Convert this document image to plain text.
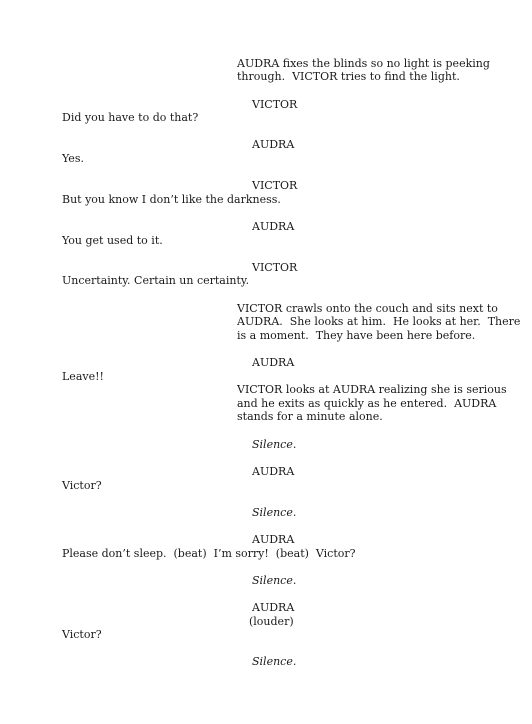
AUDRA fixes the blinds so no light is peeking

through.  VICTOR tries to find the light.

VICTOR

Did you have to do that?

AUDRA

Yes.

VICTOR

But you know I don’t like the darkness.

AUDRA

You get used to it.

VICTOR

Uncertainty. Certain un certainty.

VICTOR crawls onto the couch and sits next to

AUDRA.  She looks at him.  He looks at her.  There

is a moment.  They have been here before.

AUDRA

Leave!!

VICTOR looks at AUDRA realizing she is serious

and he exits as quickly as he entered.  AUDRA

stands for a minute alone.

Silence.

AUDRA

Victor?

Silence.

AUDRA

Please don’t sleep.  (beat)  I’m sorry!  (beat)  Victor?

Silence.

AUDRA

(louder)

Victor?

Silence.
